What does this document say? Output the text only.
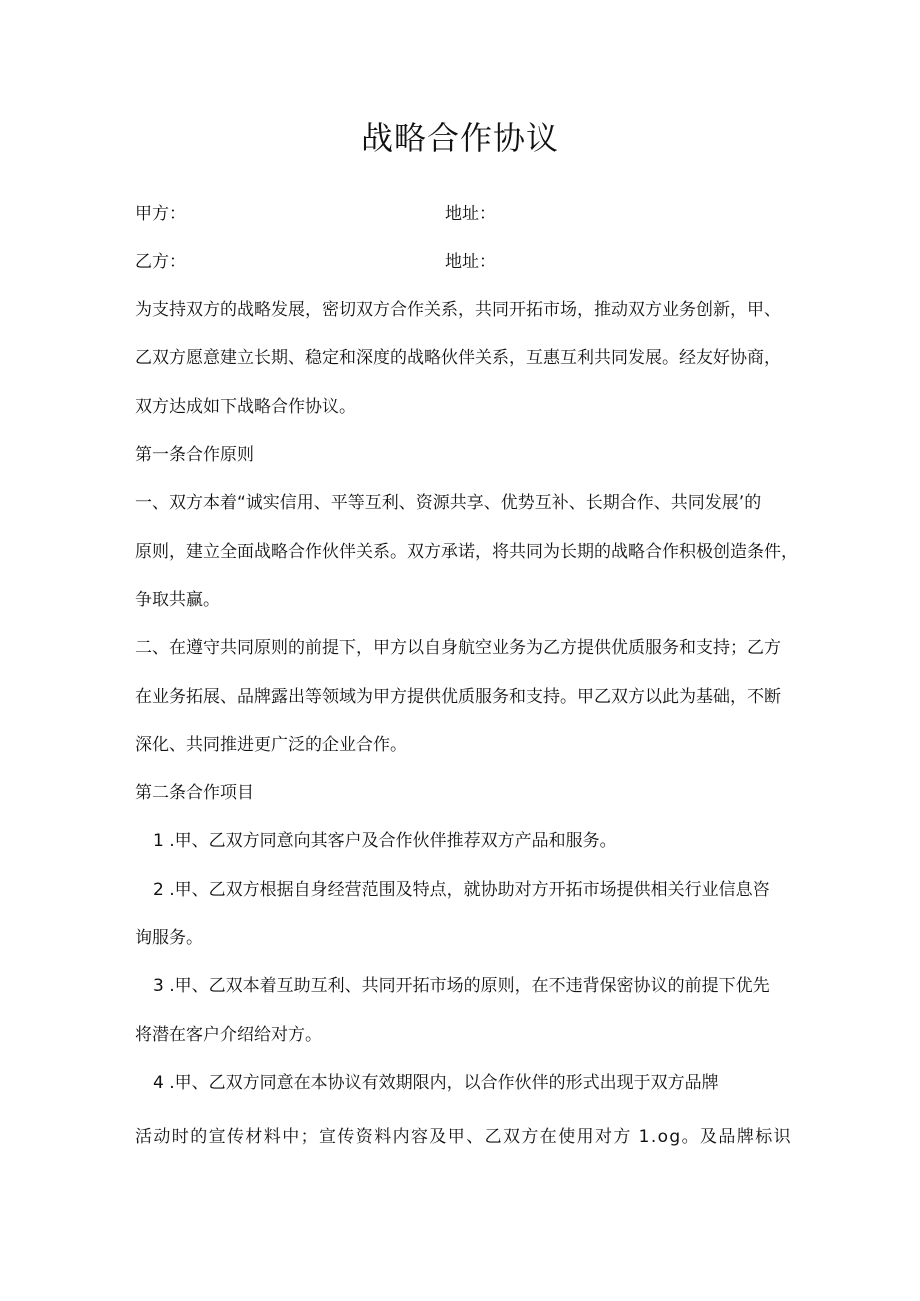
战略合作协议

甲方：	地址：

乙方：	地址：

为支持双方的战略发展，密切双方合作关系，共同开拓市场，推动双方业务创新，甲、

乙双方愿意建立长期、稳定和深度的战略伙伴关系，互惠互利共同发展。经友好协商，

双方达成如下战略合作协议。

第一条合作原则

一、双方本着“诚实信用、平等互利、资源共享、优势互补、长期合作、共同发展’的

原则，建立全面战略合作伙伴关系。双方承诺，将共同为长期的战略合作积极创造条件，

争取共赢。

二、在遵守共同原则的前提下，甲方以自身航空业务为乙方提供优质服务和支持；乙方

在业务拓展、品牌露出等领域为甲方提供优质服务和支持。甲乙双方以此为基础，不断

深化、共同推进更广泛的企业合作。

第二条合作项目

1 .甲、乙双方同意向其客户及合作伙伴推荐双方产品和服务。

2 .甲、乙双方根据自身经营范围及特点，就协助对方开拓市场提供相关行业信息咨

询服务。

3 .甲、乙双本着互助互利、共同开拓市场的原则，在不违背保密协议的前提下优先

将潜在客户介绍给对方。

4 .甲、乙双方同意在本协议有效期限内，以合作伙伴的形式出现于双方品牌

活动时的宣传材料中；宣传资料内容及甲、乙双方在使用对方 1.og。及品牌标识
